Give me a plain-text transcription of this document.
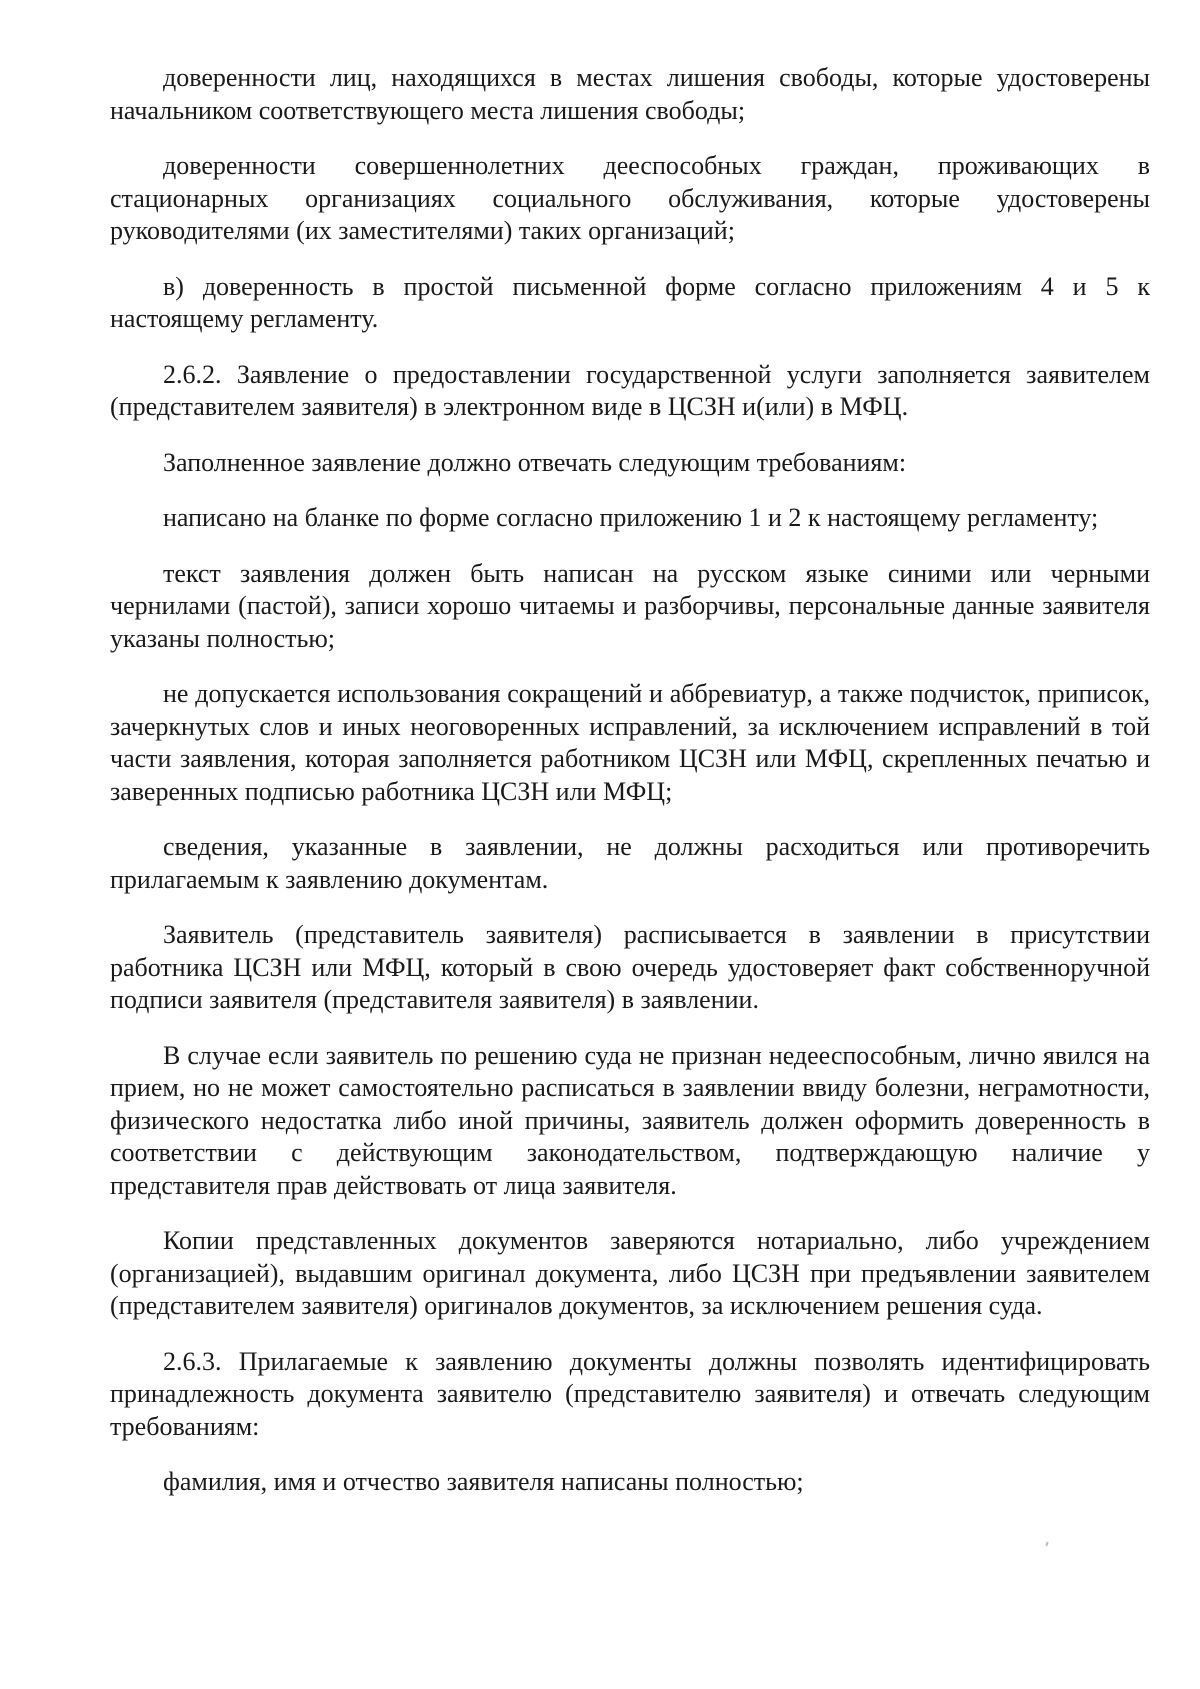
доверенности лиц, находящихся в местах лишения свободы, которые удостоверены начальником соответствующего места лишения свободы;

доверенности совершеннолетних дееспособных граждан, проживающих в стационарных организациях социального обслуживания, которые удостоверены руководителями (их заместителями) таких организаций;

в) доверенность в простой письменной форме согласно приложениям 4 и 5 к настоящему регламенту.

2.6.2. Заявление о предоставлении государственной услуги заполняется заявителем (представителем заявителя) в электронном виде в ЦСЗН и(или) в МФЦ.

Заполненное заявление должно отвечать следующим требованиям:

написано на бланке по форме согласно приложению 1 и 2 к настоящему регламенту;

текст заявления должен быть написан на русском языке синими или черными чернилами (пастой), записи хорошо читаемы и разборчивы, персональные данные заявителя указаны полностью;

не допускается использования сокращений и аббревиатур, а также подчисток, приписок, зачеркнутых слов и иных неоговоренных исправлений, за исключением исправлений в той части заявления, которая заполняется работником ЦСЗН или МФЦ, скрепленных печатью и заверенных подписью работника ЦСЗН или МФЦ;

сведения, указанные в заявлении, не должны расходиться или противоречить прилагаемым к заявлению документам.

Заявитель (представитель заявителя) расписывается в заявлении в присутствии работника ЦСЗН или МФЦ, который в свою очередь удостоверяет факт собственноручной подписи заявителя (представителя заявителя) в заявлении.

В случае если заявитель по решению суда не признан недееспособным, лично явился на прием, но не может самостоятельно расписаться в заявлении ввиду болезни, неграмотности, физического недостатка либо иной причины, заявитель должен оформить доверенность в соответствии с действующим законодательством, подтверждающую наличие у представителя прав действовать от лица заявителя.

Копии представленных документов заверяются нотариально, либо учреждением (организацией), выдавшим оригинал документа, либо ЦСЗН при предъявлении заявителем (представителем заявителя) оригиналов документов, за исключением решения суда.

2.6.3. Прилагаемые к заявлению документы должны позволять идентифицировать принадлежность документа заявителю (представителю заявителя) и отвечать следующим требованиям:

фамилия, имя и отчество заявителя написаны полностью;
